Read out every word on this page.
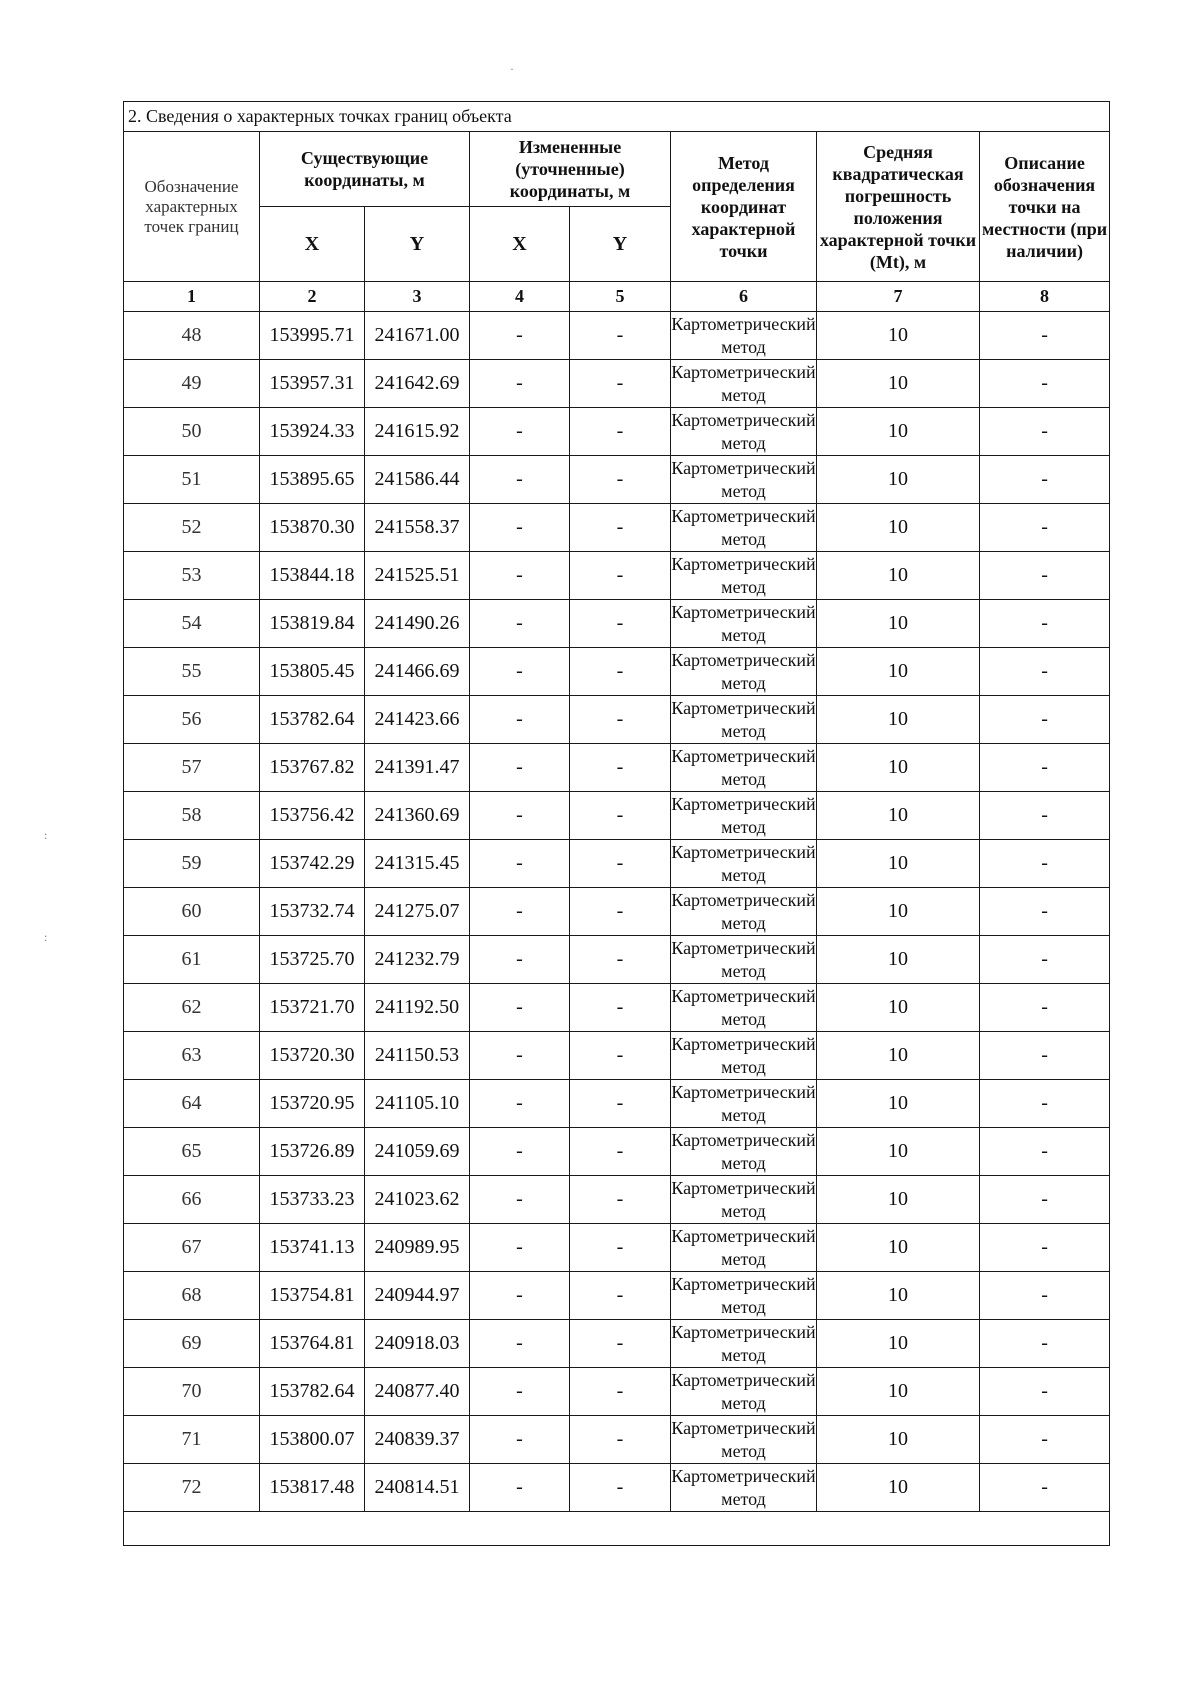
·
:
:
2. Сведения о характерных точках границ объекта							
Обозначение характерных точек границ	Существующие координаты, м		Измененные (уточненные) координаты, м		Метод определения координат характерной точки	Средняя квадратическая погрешность положения характерной точки (Mt), м	Описание обозначения точки на местности (при наличии)
	X	Y	X	Y			
1	2	3	4	5	6	7	8
48	153995.71	241671.00	-	-	Картометрический метод	10	-
49	153957.31	241642.69	-	-	Картометрический метод	10	-
50	153924.33	241615.92	-	-	Картометрический метод	10	-
51	153895.65	241586.44	-	-	Картометрический метод	10	-
52	153870.30	241558.37	-	-	Картометрический метод	10	-
53	153844.18	241525.51	-	-	Картометрический метод	10	-
54	153819.84	241490.26	-	-	Картометрический метод	10	-
55	153805.45	241466.69	-	-	Картометрический метод	10	-
56	153782.64	241423.66	-	-	Картометрический метод	10	-
57	153767.82	241391.47	-	-	Картометрический метод	10	-
58	153756.42	241360.69	-	-	Картометрический метод	10	-
59	153742.29	241315.45	-	-	Картометрический метод	10	-
60	153732.74	241275.07	-	-	Картометрический метод	10	-
61	153725.70	241232.79	-	-	Картометрический метод	10	-
62	153721.70	241192.50	-	-	Картометрический метод	10	-
63	153720.30	241150.53	-	-	Картометрический метод	10	-
64	153720.95	241105.10	-	-	Картометрический метод	10	-
65	153726.89	241059.69	-	-	Картометрический метод	10	-
66	153733.23	241023.62	-	-	Картометрический метод	10	-
67	153741.13	240989.95	-	-	Картометрический метод	10	-
68	153754.81	240944.97	-	-	Картометрический метод	10	-
69	153764.81	240918.03	-	-	Картометрический метод	10	-
70	153782.64	240877.40	-	-	Картометрический метод	10	-
71	153800.07	240839.37	-	-	Картометрический метод	10	-
72	153817.48	240814.51	-	-	Картометрический метод	10	-
